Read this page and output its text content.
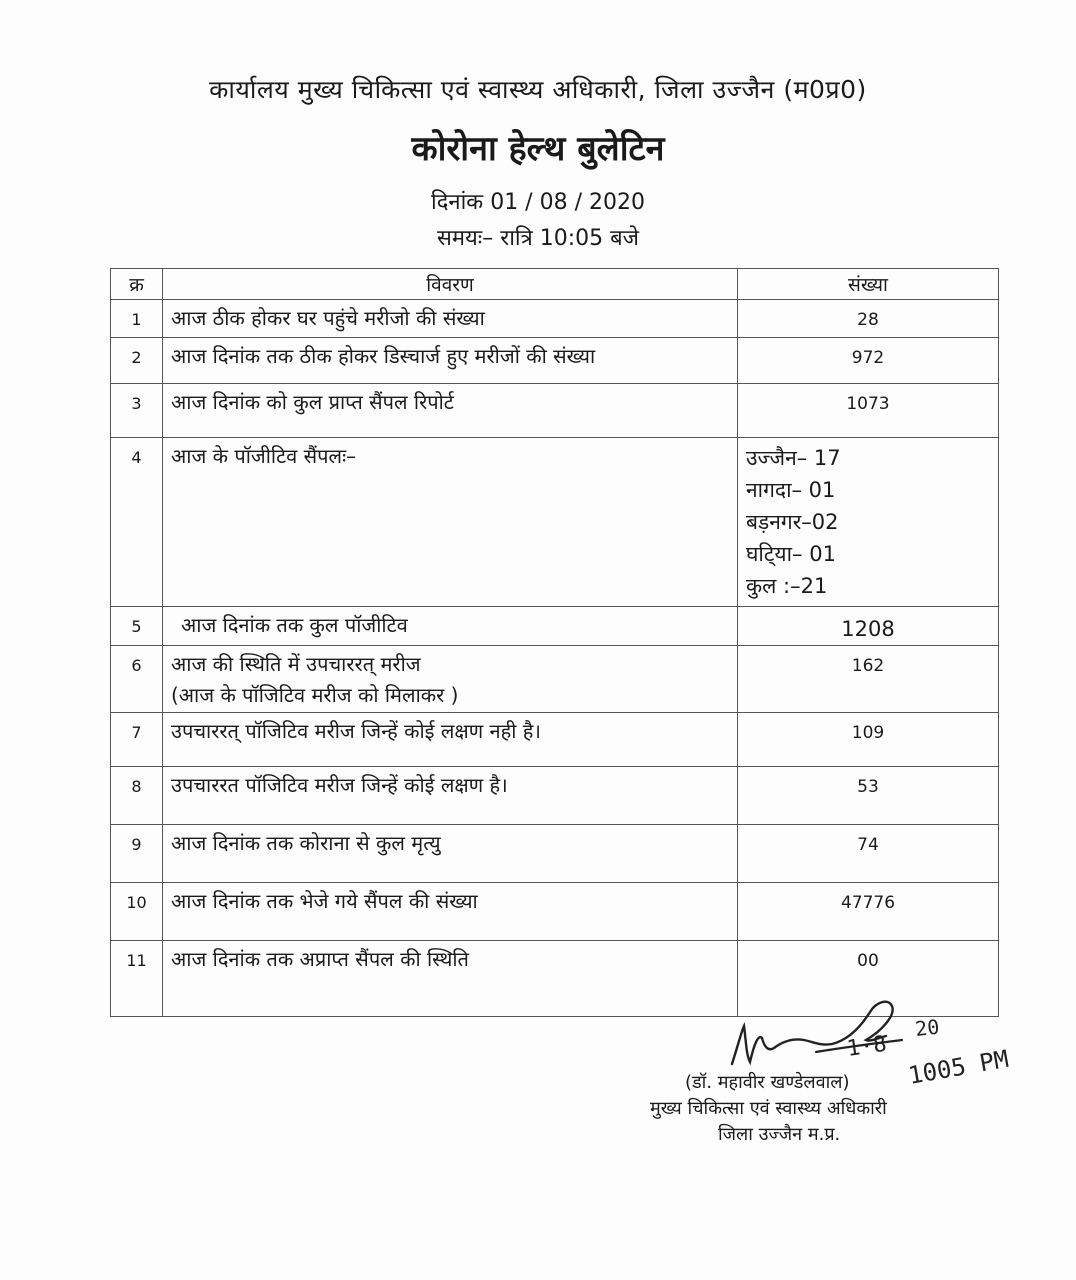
कार्यालय मुख्य चिकित्सा एवं स्वास्थ्य अधिकारी, जिला उज्जैन (म0प्र0)
कोरोना हेल्थ बुलेटिन
दिनांक 01 / 08 / 2020
समयः– रात्रि 10:05 बजे
क्र	विवरण	संख्या
1	आज ठीक होकर घर पहुंचे मरीजो की संख्या	28
2	आज दिनांक तक ठीक होकर डिस्चार्ज हुए मरीजों की संख्या	972
3	आज दिनांक को कुल प्राप्त सैंपल रिपोर्ट	1073
4	आज के पॉजीटिव सैंपलः–	उज्जैन– 17
नागदा– 01
बड़नगर–02
घटि्या– 01
कुल :–21

5	आज दिनांक तक कुल पॉजीटिव	1208
6	आज की स्थिति में उपचाररत् मरीज
(आज के पॉजिटिव मरीज को मिलाकर )	162
7	उपचाररत् पॉजिटिव मरीज जिन्हें कोई लक्षण नही है।	109
8	उपचाररत पॉजिटिव मरीज जिन्हें कोई लक्षण है।	53
9	आज दिनांक तक कोराना से कुल मृत्यु	74
10	आज दिनांक तक भेजे गये सैंपल की संख्या	47776
11	आज दिनांक तक अप्राप्त सैंपल की स्थिति	00
1·8
20
1005 PM
(डॉ. महावीर खण्डेलवाल)
मुख्य चिकित्सा एवं स्वास्थ्य अधिकारी
जिला उज्जैन म.प्र.
